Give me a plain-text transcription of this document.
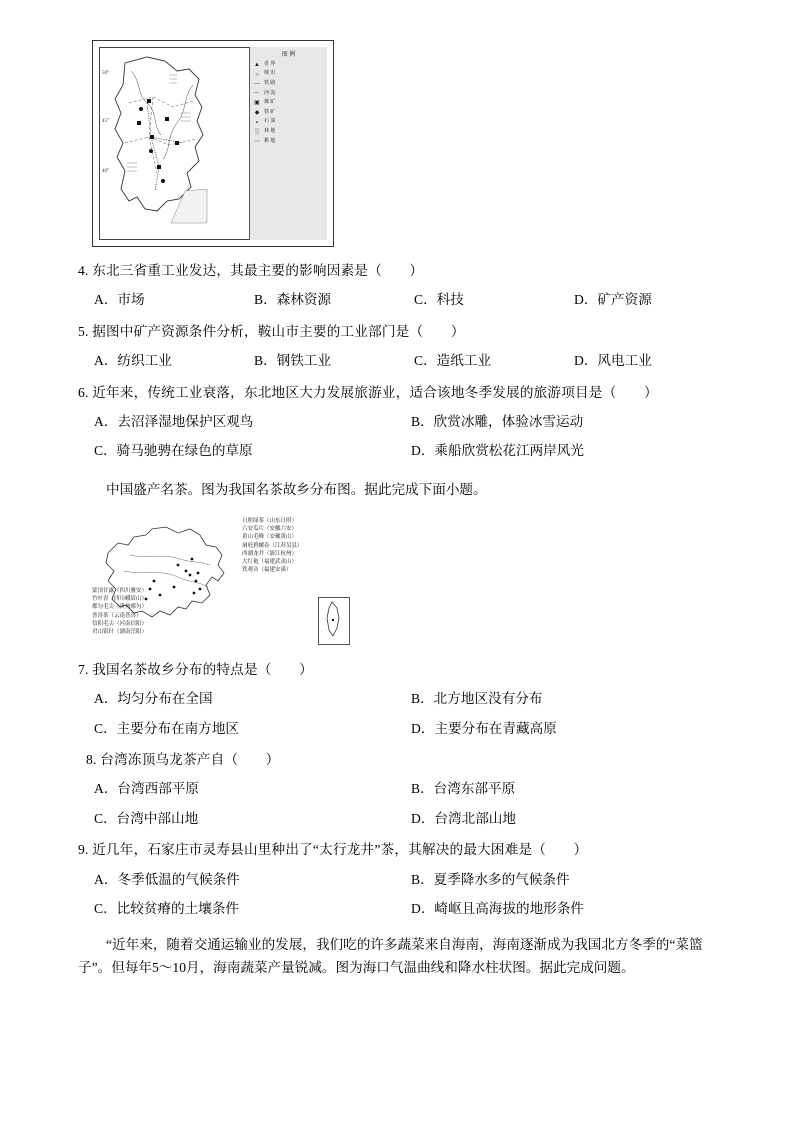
50°
45°
40°
图 例
▲ 省 界
○	城 市
— 铁 路
〜 河 流
▣ 煤 矿
◆ 铁 矿
▪	石 油
░ 林 地
⋯ 耕 地
4. 东北三省重工业发达，其最主要的影响因素是（　　）
A．市场	B．森林资源	C．科技	D．矿产资源
5. 据图中矿产资源条件分析，鞍山市主要的工业部门是（　　）
A．纺织工业	B．钢铁工业	C．造纸工业	D．风电工业
6. 近年来，传统工业衰落，东北地区大力发展旅游业，适合该地冬季发展的旅游项目是（　　）
A．去沼泽湿地保护区观鸟	B．欣赏冰雕，体验冰雪运动
C．骑马驰骋在绿色的草原	D．乘船欣赏松花江两岸风光
中国盛产名茶。图为我国名茶故乡分布图。据此完成下面小题。
日照绿茶（山东日照）
六安瓜片（安徽六安）
黄山毛峰（安徽黄山）
洞庭碧螺春（江苏吴县）
西湖龙井（浙江杭州）
大红袍（福建武夷山）
铁观音（福建安溪）
蒙顶甘露（四川雅安）
竹叶青（四川峨眉山）
都匀毛尖（贵州都匀）
普洱茶（云南普洱）
信阳毛尖（河南信阳）
君山银针（湖南岳阳）
7. 我国名茶故乡分布的特点是（　　）
A．均匀分布在全国	B．北方地区没有分布
C．主要分布在南方地区	D．主要分布在青藏高原
8. 台湾冻顶乌龙茶产自（　　）
A．台湾西部平原	B．台湾东部平原
C．台湾中部山地	D．台湾北部山地
9. 近几年，石家庄市灵寿县山里种出了“太行龙井”茶，其解决的最大困难是（　　）
A．冬季低温的气候条件	B．夏季降水多的气候条件
C．比较贫瘠的土壤条件	D．崎岖且高海拔的地形条件
“近年来，随着交通运输业的发展，我们吃的许多蔬菜来自海南，海南逐渐成为我国北方冬季的“菜篮子”。但每年5～10月，海南蔬菜产量锐减。图为海口气温曲线和降水柱状图。据此完成问题。
